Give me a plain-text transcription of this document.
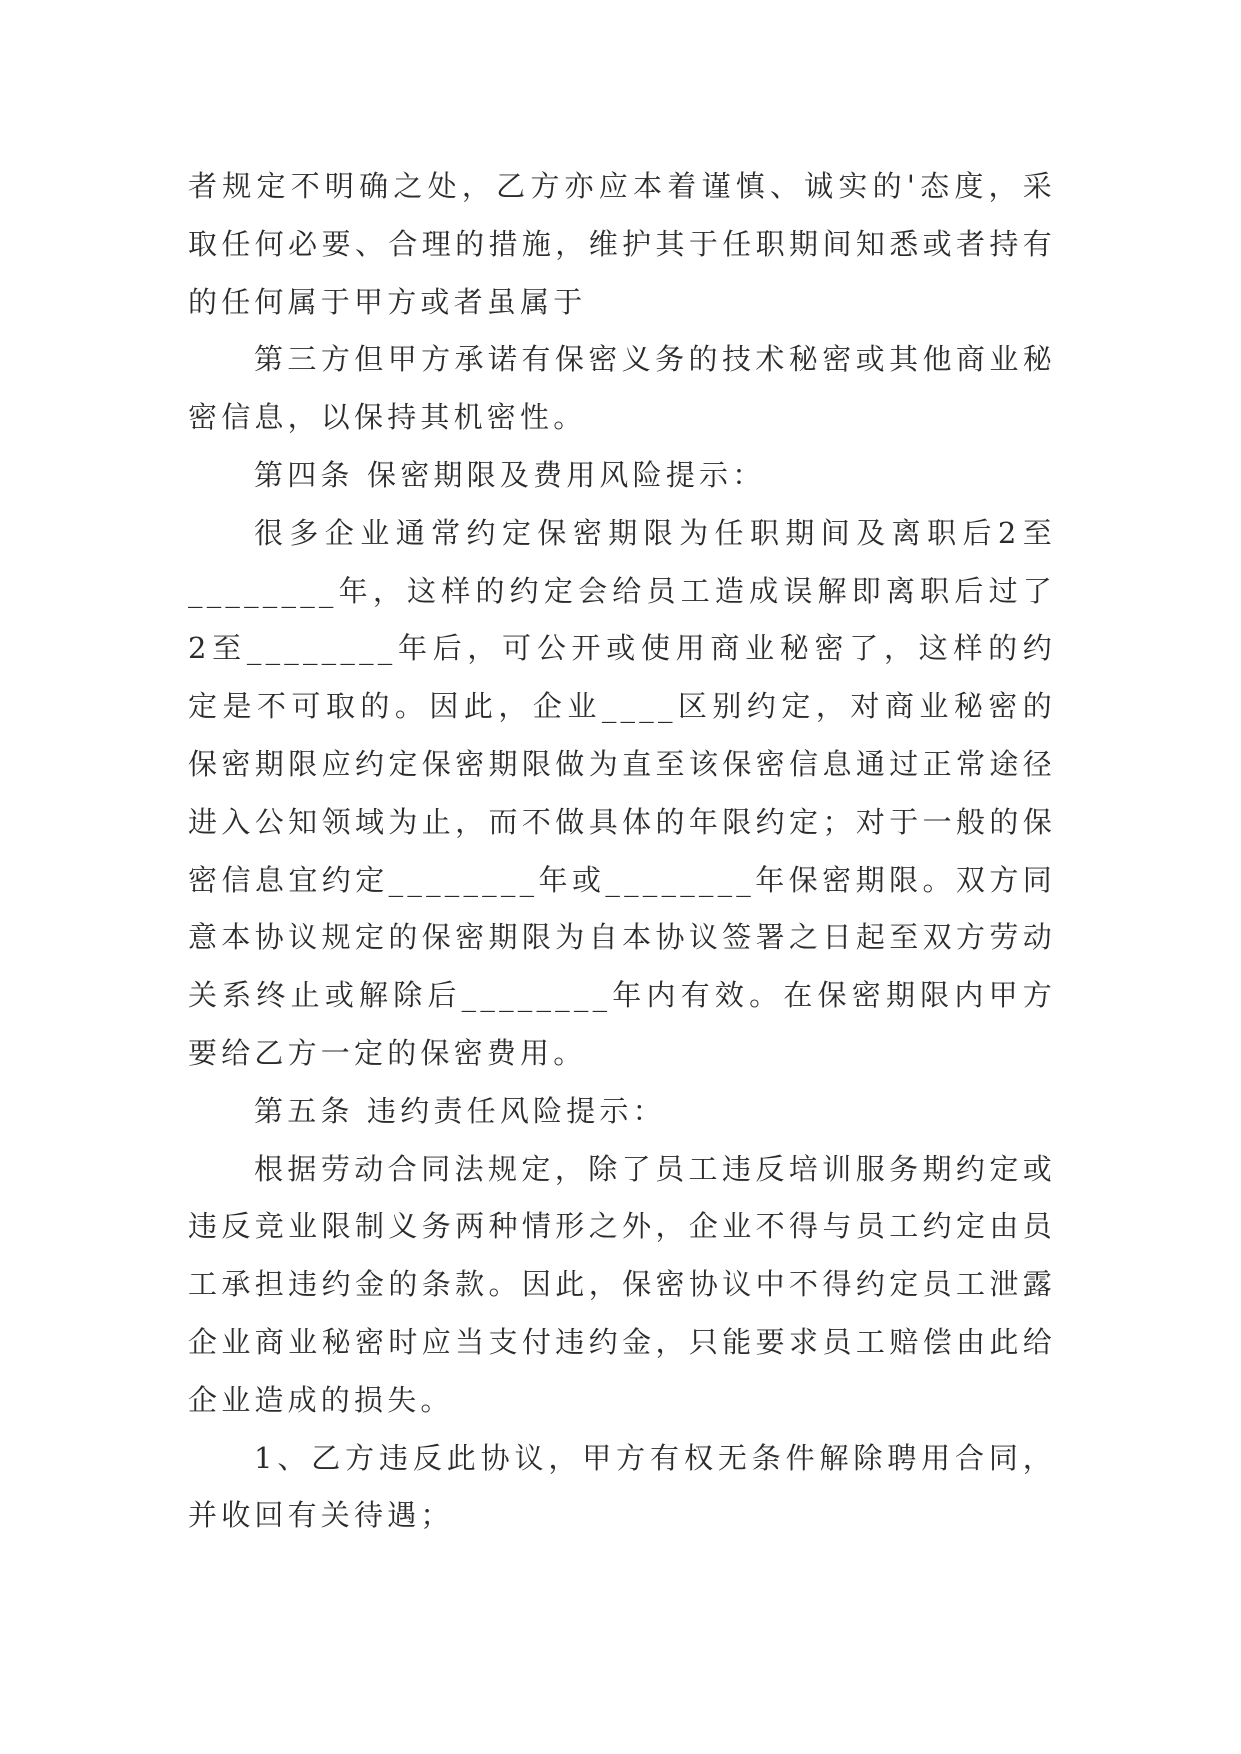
者规定不明确之处，乙方亦应本着谨慎、诚实的'态度，采取任何必要、合理的措施，维护其于任职期间知悉或者持有的任何属于甲方或者虽属于

第三方但甲方承诺有保密义务的技术秘密或其他商业秘密信息，以保持其机密性。

第四条 保密期限及费用风险提示：

很多企业通常约定保密期限为任职期间及离职后2至________年，这样的约定会给员工造成误解即离职后过了2至________年后，可公开或使用商业秘密了，这样的约定是不可取的。因此，企业____区别约定，对商业秘密的保密期限应约定保密期限做为直至该保密信息通过正常途径进入公知领域为止，而不做具体的年限约定；对于一般的保密信息宜约定________年或________年保密期限。双方同意本协议规定的保密期限为自本协议签署之日起至双方劳动关系终止或解除后________年内有效。在保密期限内甲方要给乙方一定的保密费用。

第五条 违约责任风险提示：

根据劳动合同法规定，除了员工违反培训服务期约定或违反竞业限制义务两种情形之外，企业不得与员工约定由员工承担违约金的条款。因此，保密协议中不得约定员工泄露企业商业秘密时应当支付违约金，只能要求员工赔偿由此给企业造成的损失。

1、乙方违反此协议，甲方有权无条件解除聘用合同，并收回有关待遇；
